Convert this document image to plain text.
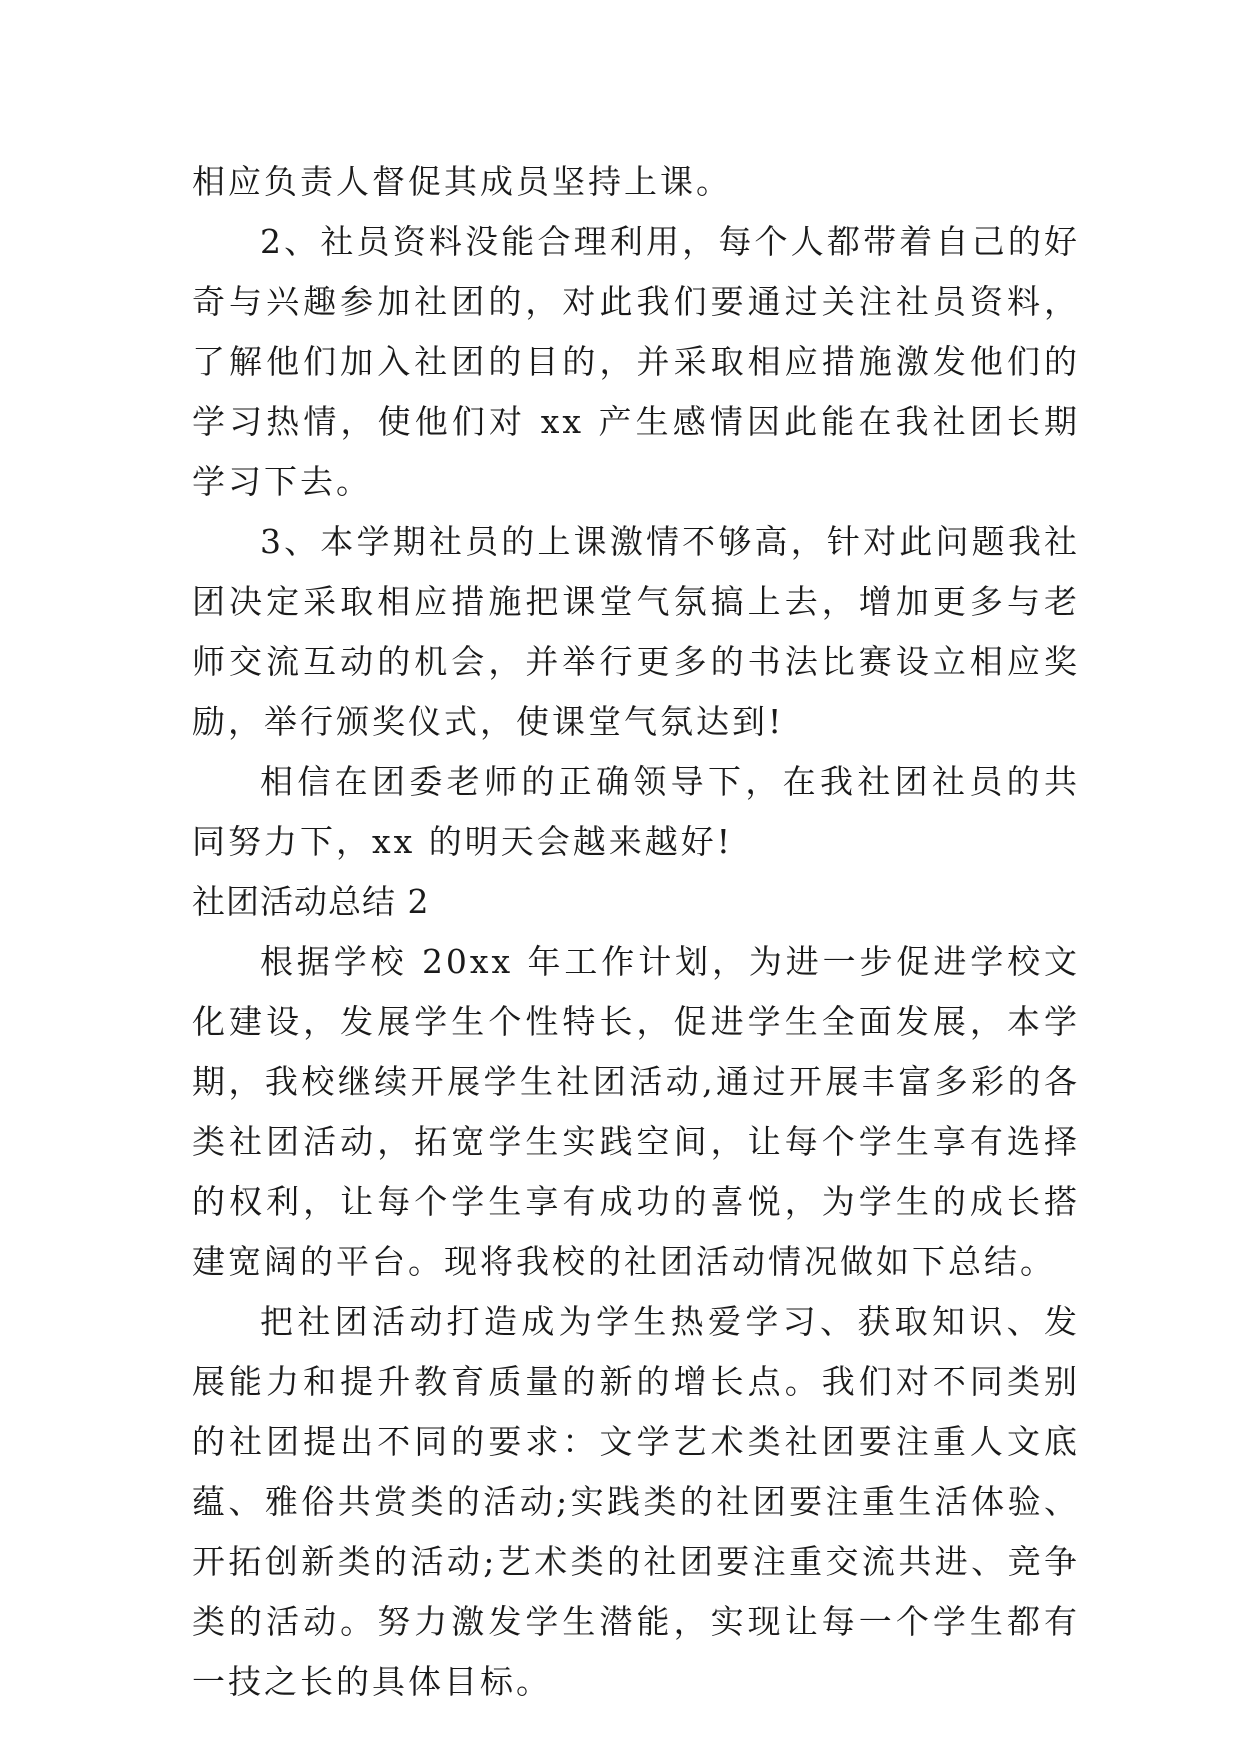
相应负责人督促其成员坚持上课。

2、社员资料没能合理利用，每个人都带着自己的好奇与兴趣参加社团的，对此我们要通过关注社员资料，了解他们加入社团的目的，并采取相应措施激发他们的学习热情，使他们对 xx 产生感情因此能在我社团长期学习下去。

3、本学期社员的上课激情不够高，针对此问题我社团决定采取相应措施把课堂气氛搞上去，增加更多与老师交流互动的机会，并举行更多的书法比赛设立相应奖励，举行颁奖仪式，使课堂气氛达到!

相信在团委老师的正确领导下，在我社团社员的共同努力下，xx 的明天会越来越好!

社团活动总结 2

根据学校 20xx 年工作计划，为进一步促进学校文化建设，发展学生个性特长，促进学生全面发展，本学期，我校继续开展学生社团活动,通过开展丰富多彩的各类社团活动，拓宽学生实践空间，让每个学生享有选择的权利，让每个学生享有成功的喜悦，为学生的成长搭建宽阔的平台。现将我校的社团活动情况做如下总结。

把社团活动打造成为学生热爱学习、获取知识、发展能力和提升教育质量的新的增长点。我们对不同类别的社团提出不同的要求：文学艺术类社团要注重人文底蕴、雅俗共赏类的活动;实践类的社团要注重生活体验、开拓创新类的活动;艺术类的社团要注重交流共进、竞争类的活动。努力激发学生潜能，实现让每一个学生都有一技之长的具体目标。
